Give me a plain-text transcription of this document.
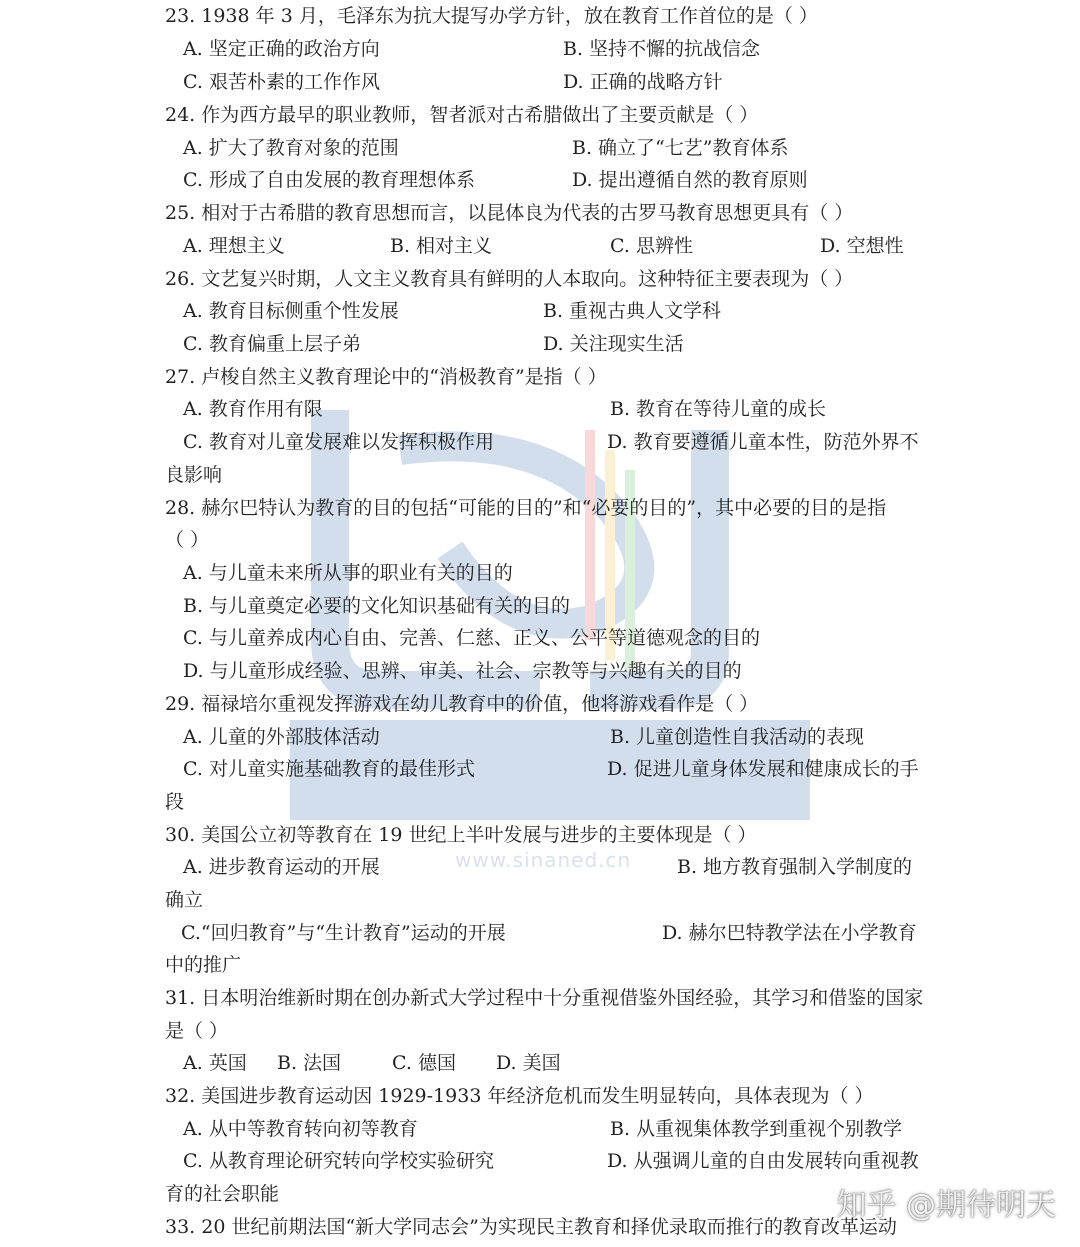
www.sinaned.cn
23. 1938 年 3 月，毛泽东为抗大提写办学方针，放在教育工作首位的是（ ）
A. 坚定正确的政治方向	B. 坚持不懈的抗战信念
C. 艰苦朴素的工作作风	D. 正确的战略方针
24. 作为西方最早的职业教师，智者派对古希腊做出了主要贡献是（ ）
A. 扩大了教育对象的范围	B. 确立了“七艺”教育体系
C. 形成了自由发展的教育理想体系	D. 提出遵循自然的教育原则
25. 相对于古希腊的教育思想而言，以昆体良为代表的古罗马教育思想更具有（ ）
A. 理想主义	B. 相对主义	C. 思辨性	D. 空想性
26. 文艺复兴时期，人文主义教育具有鲜明的人本取向。这种特征主要表现为（ ）
A. 教育目标侧重个性发展	B. 重视古典人文学科
C. 教育偏重上层子弟	D. 关注现实生活
27. 卢梭自然主义教育理论中的“消极教育”是指（ ）
A. 教育作用有限	B. 教育在等待儿童的成长
C. 教育对儿童发展难以发挥积极作用	D. 教育要遵循儿童本性，防范外界不
良影响
28. 赫尔巴特认为教育的目的包括“可能的目的”和“必要的目的”，其中必要的目的是指
（ ）
A. 与儿童未来所从事的职业有关的目的
B. 与儿童奠定必要的文化知识基础有关的目的
C. 与儿童养成内心自由、完善、仁慈、正义、公平等道德观念的目的
D. 与儿童形成经验、思辨、审美、社会、宗教等与兴趣有关的目的
29. 福禄培尔重视发挥游戏在幼儿教育中的价值，他将游戏看作是（ ）
A. 儿童的外部肢体活动	B. 儿童创造性自我活动的表现
C. 对儿童实施基础教育的最佳形式	D. 促进儿童身体发展和健康成长的手
段
30. 美国公立初等教育在 19 世纪上半叶发展与进步的主要体现是（ ）
A. 进步教育运动的开展	B. 地方教育强制入学制度的
确立
C.“回归教育”与“生计教育”运动的开展	D. 赫尔巴特教学法在小学教育
中的推广
31. 日本明治维新时期在创办新式大学过程中十分重视借鉴外国经验，其学习和借鉴的国家
是（ ）
A. 英国 B. 法国	C. 德国 D. 美国
32. 美国进步教育运动因 1929-1933 年经济危机而发生明显转向，具体表现为（ ）
A. 从中等教育转向初等教育	B. 从重视集体教学到重视个别教学
C. 从教育理论研究转向学校实验研究	D. 从强调儿童的自由发展转向重视教
育的社会职能
33. 20 世纪前期法国“新大学同志会”为实现民主教育和择优录取而推行的教育改革运动
知乎 @期待明天
